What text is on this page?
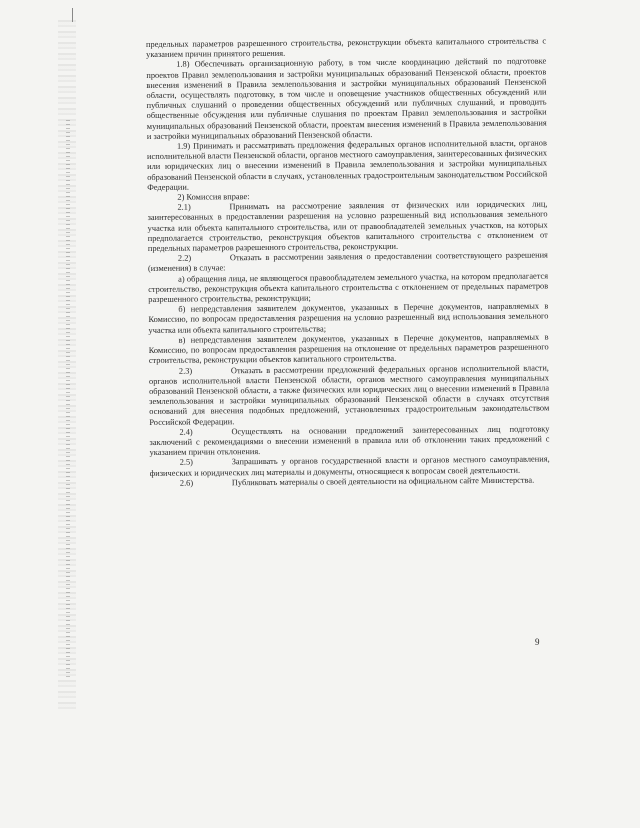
предельных параметров разрешенного строительства, реконструкции объекта капитального строительства с указанием причин принятого решения.

1.8) Обеспечивать организационную работу, в том числе координацию действий по подготовке проектов Правил землепользования и застройки муниципальных образований Пензенской области, проектов внесения изменений в Правила землепользования и застройки муниципальных образований Пензенской области, осуществлять подготовку, в том числе и оповещение участников общественных обсуждений или публичных слушаний о проведении общественных обсуждений или публичных слушаний, и проводить общественные обсуждения или публичные слушания по проектам Правил землепользования и застройки муниципальных образований Пензенской области, проектам внесения изменений в Правила землепользования и застройки муниципальных образований Пензенской области.

1.9) Принимать и рассматривать предложения федеральных органов исполнительной власти, органов исполнительной власти Пензенской области, органов местного самоуправления, заинтересованных физических или юридических лиц о внесении изменений в Правила землепользования и застройки муниципальных образований Пензенской области в случаях, установленных градостроительным законодательством Российской Федерации.

2) Комиссия вправе:

2.1)	Принимать на рассмотрение заявления от физических или юридических лиц, заинтересованных в предоставлении разрешения на условно разрешенный вид использования земельного участка или объекта капитального строительства, или от правообладателей земельных участков, на которых предполагается строительство, реконструкция объектов капитального строительства с отклонением от предельных параметров разрешенного строительства, реконструкции.

2.2)	Отказать в рассмотрении заявления о предоставлении соответствующего разрешения (изменения) в случае:

а) обращения лица, не являющегося правообладателем земельного участка, на котором предполагается строительство, реконструкция объекта капитального строительства с отклонением от предельных параметров разрешенного строительства, реконструкции;

б) непредставления заявителем документов, указанных в Перечне документов, направляемых в Комиссию, по вопросам предоставления разрешения на условно разрешенный вид использования земельного участка или объекта капитального строительства;

в) непредставления заявителем документов, указанных в Перечне документов, направляемых в Комиссию, по вопросам предоставления разрешения на отклонение от предельных параметров разрешенного строительства, реконструкции объектов капитального строительства.

2.3)	Отказать в рассмотрении предложений федеральных органов исполнительной власти, органов исполнительной власти Пензенской области, органов местного самоуправления муниципальных образований Пензенской области, а также физических или юридических лиц о внесении изменений в Правила землепользования и застройки муниципальных образований Пензенской области в случаях отсутствия оснований для внесения подобных предложений, установленных градостроительным законодательством Российской Федерации.

2.4)	Осуществлять на основании предложений заинтересованных лиц подготовку заключений с рекомендациями о внесении изменений в правила или об отклонении таких предложений с указанием причин отклонения.

2.5)	Запрашивать у органов государственной власти и органов местного самоуправления, физических и юридических лиц материалы и документы, относящиеся к вопросам своей деятельности.

2.6)	Публиковать материалы о своей деятельности на официальном сайте Министерства.

9
